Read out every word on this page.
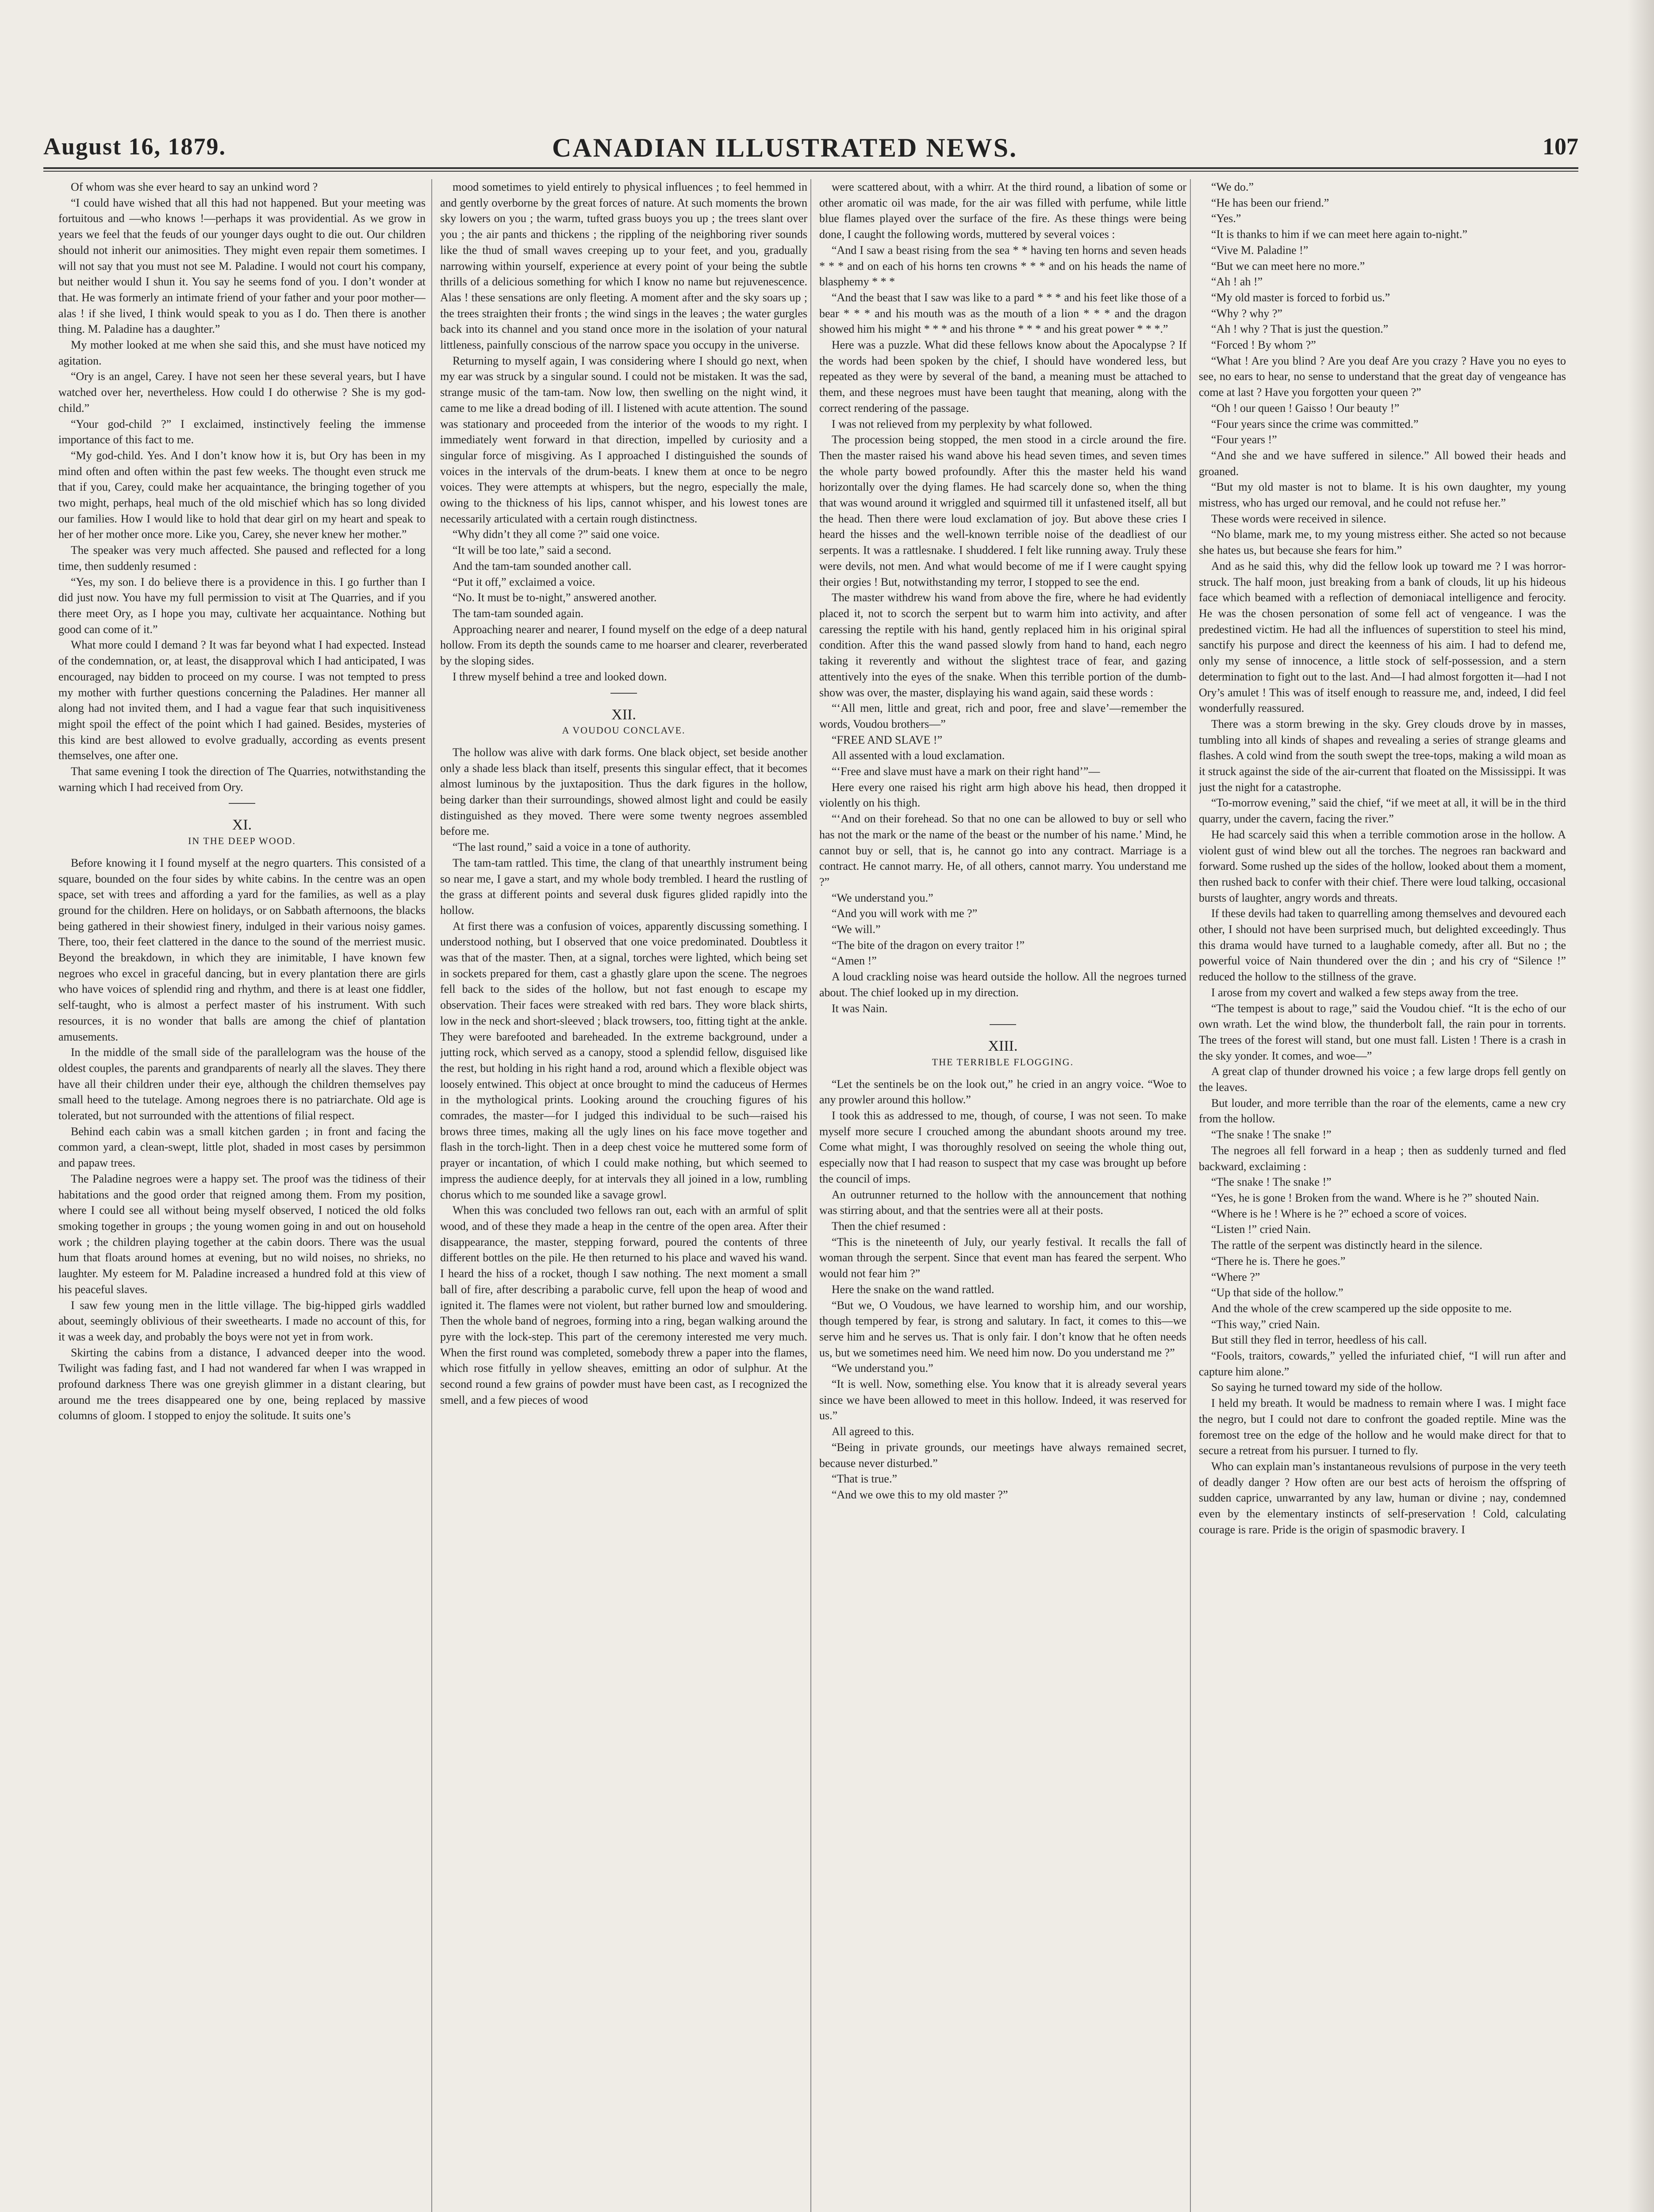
August 16, 1879.	CANADIAN ILLUSTRATED NEWS.	107

Of whom was she ever heard to say an unkind word ?

“I could have wished that all this had not happened. But your meeting was fortuitous and —who knows !—perhaps it was providential. As we grow in years we feel that the feuds of our younger days ought to die out. Our children should not inherit our animosities. They might even repair them sometimes. I will not say that you must not see M. Paladine. I would not court his company, but neither would I shun it. You say he seems fond of you. I don’t wonder at that. He was formerly an intimate friend of your father and your poor mother—alas ! if she lived, I think would speak to you as I do. Then there is another thing. M. Paladine has a daughter.”

My mother looked at me when she said this, and she must have noticed my agitation.

“Ory is an angel, Carey. I have not seen her these several years, but I have watched over her, nevertheless. How could I do otherwise ? She is my god-child.”

“Your god-child ?” I exclaimed, instinctively feeling the immense importance of this fact to me.

“My god-child. Yes. And I don’t know how it is, but Ory has been in my mind often and often within the past few weeks. The thought even struck me that if you, Carey, could make her acquaintance, the bringing together of you two might, perhaps, heal much of the old mischief which has so long divided our families. How I would like to hold that dear girl on my heart and speak to her of her mother once more. Like you, Carey, she never knew her mother.”

The speaker was very much affected. She paused and reflected for a long time, then suddenly resumed :

“Yes, my son. I do believe there is a providence in this. I go further than I did just now. You have my full permission to visit at The Quarries, and if you there meet Ory, as I hope you may, cultivate her acquaintance. Nothing but good can come of it.”

What more could I demand ? It was far beyond what I had expected. Instead of the condemnation, or, at least, the disapproval which I had anticipated, I was encouraged, nay bidden to proceed on my course. I was not tempted to press my mother with further questions concerning the Paladines. Her manner all along had not invited them, and I had a vague fear that such inquisitiveness might spoil the effect of the point which I had gained. Besides, mysteries of this kind are best allowed to evolve gradually, according as events present themselves, one after one.

That same evening I took the direction of The Quarries, notwithstanding the warning which I had received from Ory.

XI.

IN THE DEEP WOOD.

Before knowing it I found myself at the negro quarters. This consisted of a square, bounded on the four sides by white cabins. In the centre was an open space, set with trees and affording a yard for the families, as well as a play ground for the children. Here on holidays, or on Sabbath afternoons, the blacks being gathered in their showiest finery, indulged in their various noisy games. There, too, their feet clattered in the dance to the sound of the merriest music. Beyond the breakdown, in which they are inimitable, I have known few negroes who excel in graceful dancing, but in every plantation there are girls who have voices of splendid ring and rhythm, and there is at least one fiddler, self-taught, who is almost a perfect master of his instrument. With such resources, it is no wonder that balls are among the chief of plantation amusements.

In the middle of the small side of the parallelogram was the house of the oldest couples, the parents and grandparents of nearly all the slaves. They there have all their children under their eye, although the children themselves pay small heed to the tutelage. Among negroes there is no patriarchate. Old age is tolerated, but not surrounded with the attentions of filial respect.

Behind each cabin was a small kitchen garden ; in front and facing the common yard, a clean-swept, little plot, shaded in most cases by persimmon and papaw trees.

The Paladine negroes were a happy set. The proof was the tidiness of their habitations and the good order that reigned among them. From my position, where I could see all without being myself observed, I noticed the old folks smoking together in groups ; the young women going in and out on household work ; the children playing together at the cabin doors. There was the usual hum that floats around homes at evening, but no wild noises, no shrieks, no laughter. My esteem for M. Paladine increased a hundred fold at this view of his peaceful slaves.

I saw few young men in the little village. The big-hipped girls waddled about, seemingly oblivious of their sweethearts. I made no account of this, for it was a week day, and probably the boys were not yet in from work.

Skirting the cabins from a distance, I advanced deeper into the wood. Twilight was fading fast, and I had not wandered far when I was wrapped in profound darkness There was one greyish glimmer in a distant clearing, but around me the trees disappeared one by one, being replaced by massive columns of gloom. I stopped to enjoy the solitude. It suits one’s

mood sometimes to yield entirely to physical influences ; to feel hemmed in and gently overborne by the great forces of nature. At such moments the brown sky lowers on you ; the warm, tufted grass buoys you up ; the trees slant over you ; the air pants and thickens ; the rippling of the neighboring river sounds like the thud of small waves creeping up to your feet, and you, gradually narrowing within yourself, experience at every point of your being the subtle thrills of a delicious something for which I know no name but rejuvenescence. Alas ! these sensations are only fleeting. A moment after and the sky soars up ; the trees straighten their fronts ; the wind sings in the leaves ; the water gurgles back into its channel and you stand once more in the isolation of your natural littleness, painfully conscious of the narrow space you occupy in the universe.

Returning to myself again, I was considering where I should go next, when my ear was struck by a singular sound. I could not be mistaken. It was the sad, strange music of the tam-tam. Now low, then swelling on the night wind, it came to me like a dread boding of ill. I listened with acute attention. The sound was stationary and proceeded from the interior of the woods to my right. I immediately went forward in that direction, impelled by curiosity and a singular force of misgiving. As I approached I distinguished the sounds of voices in the intervals of the drum-beats. I knew them at once to be negro voices. They were attempts at whispers, but the negro, especially the male, owing to the thickness of his lips, cannot whisper, and his lowest tones are necessarily articulated with a certain rough distinctness.

“Why didn’t they all come ?” said one voice.

“It will be too late,” said a second.

And the tam-tam sounded another call.

“Put it off,” exclaimed a voice.

“No. It must be to-night,” answered another.

The tam-tam sounded again.

Approaching nearer and nearer, I found myself on the edge of a deep natural hollow. From its depth the sounds came to me hoarser and clearer, reverberated by the sloping sides.

I threw myself behind a tree and looked down.

XII.

A VOUDOU CONCLAVE.

The hollow was alive with dark forms. One black object, set beside another only a shade less black than itself, presents this singular effect, that it becomes almost luminous by the juxtaposition. Thus the dark figures in the hollow, being darker than their surroundings, showed almost light and could be easily distinguished as they moved. There were some twenty negroes assembled before me.

“The last round,” said a voice in a tone of authority.

The tam-tam rattled. This time, the clang of that unearthly instrument being so near me, I gave a start, and my whole body trembled. I heard the rustling of the grass at different points and several dusk figures glided rapidly into the hollow.

At first there was a confusion of voices, apparently discussing something. I understood nothing, but I observed that one voice predominated. Doubtless it was that of the master. Then, at a signal, torches were lighted, which being set in sockets prepared for them, cast a ghastly glare upon the scene. The negroes fell back to the sides of the hollow, but not fast enough to escape my observation. Their faces were streaked with red bars. They wore black shirts, low in the neck and short-sleeved ; black trowsers, too, fitting tight at the ankle. They were barefooted and bareheaded. In the extreme background, under a jutting rock, which served as a canopy, stood a splendid fellow, disguised like the rest, but holding in his right hand a rod, around which a flexible object was loosely entwined. This object at once brought to mind the caduceus of Hermes in the mythological prints. Looking around the crouching figures of his comrades, the master—for I judged this individual to be such—raised his brows three times, making all the ugly lines on his face move together and flash in the torch-light. Then in a deep chest voice he muttered some form of prayer or incantation, of which I could make nothing, but which seemed to impress the audience deeply, for at intervals they all joined in a low, rumbling chorus which to me sounded like a savage growl.

When this was concluded two fellows ran out, each with an armful of split wood, and of these they made a heap in the centre of the open area. After their disappearance, the master, stepping forward, poured the contents of three different bottles on the pile. He then returned to his place and waved his wand. I heard the hiss of a rocket, though I saw nothing. The next moment a small ball of fire, after describing a parabolic curve, fell upon the heap of wood and ignited it. The flames were not violent, but rather burned low and smouldering. Then the whole band of negroes, forming into a ring, began walking around the pyre with the lock-step. This part of the ceremony interested me very much. When the first round was completed, somebody threw a paper into the flames, which rose fitfully in yellow sheaves, emitting an odor of sulphur. At the second round a few grains of powder must have been cast, as I recognized the smell, and a few pieces of wood

were scattered about, with a whirr. At the third round, a libation of some or other aromatic oil was made, for the air was filled with perfume, while little blue flames played over the surface of the fire. As these things were being done, I caught the following words, muttered by several voices :

“And I saw a beast rising from the sea * * having ten horns and seven heads * * * and on each of his horns ten crowns * * * and on his heads the name of blasphemy * * *

“And the beast that I saw was like to a pard * * * and his feet like those of a bear * * * and his mouth was as the mouth of a lion * * * and the dragon showed him his might * * * and his throne * * * and his great power * * *.”

Here was a puzzle. What did these fellows know about the Apocalypse ? If the words had been spoken by the chief, I should have wondered less, but repeated as they were by several of the band, a meaning must be attached to them, and these negroes must have been taught that meaning, along with the correct rendering of the passage.

I was not relieved from my perplexity by what followed.

The procession being stopped, the men stood in a circle around the fire. Then the master raised his wand above his head seven times, and seven times the whole party bowed profoundly. After this the master held his wand horizontally over the dying flames. He had scarcely done so, when the thing that was wound around it wriggled and squirmed till it unfastened itself, all but the head. Then there were loud exclamation of joy. But above these cries I heard the hisses and the well-known terrible noise of the deadliest of our serpents. It was a rattlesnake. I shuddered. I felt like running away. Truly these were devils, not men. And what would become of me if I were caught spying their orgies ! But, notwithstanding my terror, I stopped to see the end.

The master withdrew his wand from above the fire, where he had evidently placed it, not to scorch the serpent but to warm him into activity, and after caressing the reptile with his hand, gently replaced him in his original spiral condition. After this the wand passed slowly from hand to hand, each negro taking it reverently and without the slightest trace of fear, and gazing attentively into the eyes of the snake. When this terrible portion of the dumb-show was over, the master, displaying his wand again, said these words :

“‘All men, little and great, rich and poor, free and slave’—remember the words, Voudou brothers—”

“FREE AND SLAVE !”

All assented with a loud exclamation.

“‘Free and slave must have a mark on their right hand’”—

Here every one raised his right arm high above his head, then dropped it violently on his thigh.

“‘And on their forehead. So that no one can be allowed to buy or sell who has not the mark or the name of the beast or the number of his name.’ Mind, he cannot buy or sell, that is, he cannot go into any contract. Marriage is a contract. He cannot marry. He, of all others, cannot marry. You understand me ?”

“We understand you.”

“And you will work with me ?”

“We will.”

“The bite of the dragon on every traitor !”

“Amen !”

A loud crackling noise was heard outside the hollow. All the negroes turned about. The chief looked up in my direction.

It was Nain.

XIII.

THE TERRIBLE FLOGGING.

“Let the sentinels be on the look out,” he cried in an angry voice. “Woe to any prowler around this hollow.”

I took this as addressed to me, though, of course, I was not seen. To make myself more secure I crouched among the abundant shoots around my tree. Come what might, I was thoroughly resolved on seeing the whole thing out, especially now that I had reason to suspect that my case was brought up before the council of imps.

An outrunner returned to the hollow with the announcement that nothing was stirring about, and that the sentries were all at their posts.

Then the chief resumed :

“This is the nineteenth of July, our yearly festival. It recalls the fall of woman through the serpent. Since that event man has feared the serpent. Who would not fear him ?”

Here the snake on the wand rattled.

“But we, O Voudous, we have learned to worship him, and our worship, though tempered by fear, is strong and salutary. In fact, it comes to this—we serve him and he serves us. That is only fair. I don’t know that he often needs us, but we sometimes need him. We need him now. Do you understand me ?”

“We understand you.”

“It is well. Now, something else. You know that it is already several years since we have been allowed to meet in this hollow. Indeed, it was reserved for us.”

All agreed to this.

“Being in private grounds, our meetings have always remained secret, because never disturbed.”

“That is true.”

“And we owe this to my old master ?”

“We do.”

“He has been our friend.”

“Yes.”

“It is thanks to him if we can meet here again to-night.”

“Vive M. Paladine !”

“But we can meet here no more.”

“Ah ! ah !”

“My old master is forced to forbid us.”

“Why ? why ?”

“Ah ! why ? That is just the question.”

“Forced ! By whom ?”

“What ! Are you blind ? Are you deaf Are you crazy ? Have you no eyes to see, no ears to hear, no sense to understand that the great day of vengeance has come at last ? Have you forgotten your queen ?”

“Oh ! our queen ! Gaisso ! Our beauty !”

“Four years since the crime was committed.”

“Four years !”

“And she and we have suffered in silence.” All bowed their heads and groaned.

“But my old master is not to blame. It is his own daughter, my young mistress, who has urged our removal, and he could not refuse her.”

These words were received in silence.

“No blame, mark me, to my young mistress either. She acted so not because she hates us, but because she fears for him.”

And as he said this, why did the fellow look up toward me ? I was horror-struck. The half moon, just breaking from a bank of clouds, lit up his hideous face which beamed with a reflection of demoniacal intelligence and ferocity. He was the chosen personation of some fell act of vengeance. I was the predestined victim. He had all the influences of superstition to steel his mind, sanctify his purpose and direct the keenness of his aim. I had to defend me, only my sense of innocence, a little stock of self-possession, and a stern determination to fight out to the last. And—I had almost forgotten it—had I not Ory’s amulet ! This was of itself enough to reassure me, and, indeed, I did feel wonderfully reassured.

There was a storm brewing in the sky. Grey clouds drove by in masses, tumbling into all kinds of shapes and revealing a series of strange gleams and flashes. A cold wind from the south swept the tree-tops, making a wild moan as it struck against the side of the air-current that floated on the Mississippi. It was just the night for a catastrophe.

“To-morrow evening,” said the chief, “if we meet at all, it will be in the third quarry, under the cavern, facing the river.”

He had scarcely said this when a terrible commotion arose in the hollow. A violent gust of wind blew out all the torches. The negroes ran backward and forward. Some rushed up the sides of the hollow, looked about them a moment, then rushed back to confer with their chief. There were loud talking, occasional bursts of laughter, angry words and threats.

If these devils had taken to quarrelling among themselves and devoured each other, I should not have been surprised much, but delighted exceedingly. Thus this drama would have turned to a laughable comedy, after all. But no ; the powerful voice of Nain thundered over the din ; and his cry of “Silence !” reduced the hollow to the stillness of the grave.

I arose from my covert and walked a few steps away from the tree.

“The tempest is about to rage,” said the Voudou chief. “It is the echo of our own wrath. Let the wind blow, the thunderbolt fall, the rain pour in torrents. The trees of the forest will stand, but one must fall. Listen ! There is a crash in the sky yonder. It comes, and woe—”

A great clap of thunder drowned his voice ; a few large drops fell gently on the leaves.

But louder, and more terrible than the roar of the elements, came a new cry from the hollow.

“The snake ! The snake !”

The negroes all fell forward in a heap ; then as suddenly turned and fled backward, exclaiming :

“The snake ! The snake !”

“Yes, he is gone ! Broken from the wand. Where is he ?” shouted Nain.

“Where is he ! Where is he ?” echoed a score of voices.

“Listen !” cried Nain.

The rattle of the serpent was distinctly heard in the silence.

“There he is. There he goes.”

“Where ?”

“Up that side of the hollow.”

And the whole of the crew scampered up the side opposite to me.

“This way,” cried Nain.

But still they fled in terror, heedless of his call.

“Fools, traitors, cowards,” yelled the infuriated chief, “I will run after and capture him alone.”

So saying he turned toward my side of the hollow.

I held my breath. It would be madness to remain where I was. I might face the negro, but I could not dare to confront the goaded reptile. Mine was the foremost tree on the edge of the hollow and he would make direct for that to secure a retreat from his pursuer. I turned to fly.

Who can explain man’s instantaneous revulsions of purpose in the very teeth of deadly danger ? How often are our best acts of heroism the offspring of sudden caprice, unwarranted by any law, human or divine ; nay, condemned even by the elementary instincts of self-preservation ! Cold, calculating courage is rare. Pride is the origin of spasmodic bravery. I
